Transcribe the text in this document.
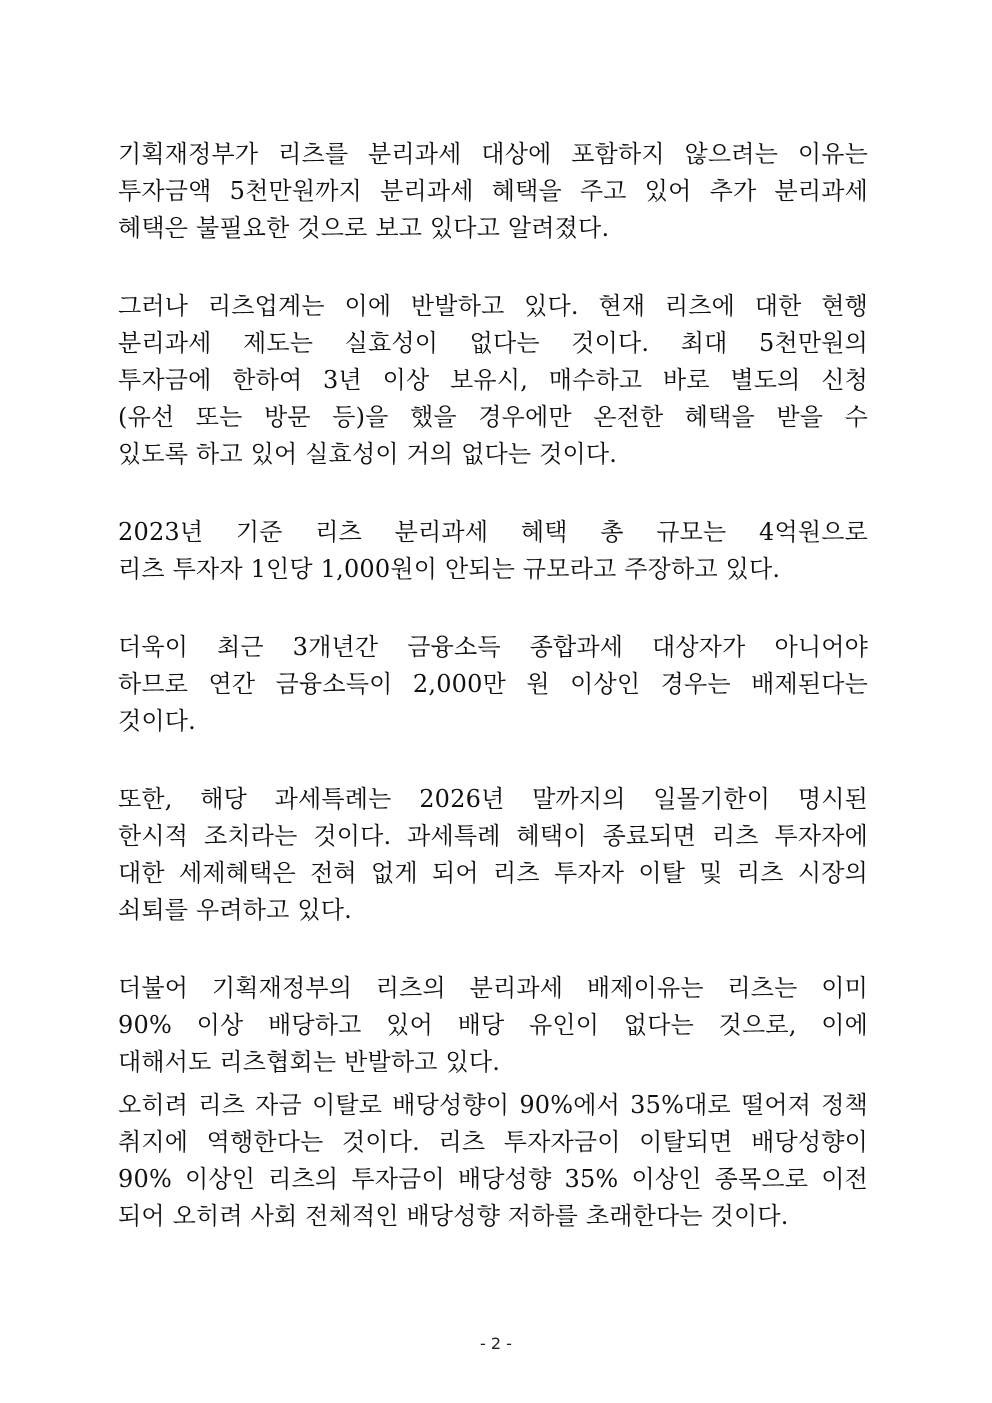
기획재정부가 리츠를 분리과세 대상에 포함하지 않으려는 이유는
투자금액 5천만원까지 분리과세 혜택을 주고 있어 추가 분리과세
혜택은 불필요한 것으로 보고 있다고 알려졌다.

그러나 리츠업계는 이에 반발하고 있다. 현재 리츠에 대한 현행
분리과세 제도는 실효성이 없다는 것이다. 최대 5천만원의
투자금에 한하여 3년 이상 보유시, 매수하고 바로 별도의 신청
(유선 또는 방문 등)을 했을 경우에만 온전한 혜택을 받을 수
있도록 하고 있어 실효성이 거의 없다는 것이다.

2023년 기준 리츠 분리과세 혜택 총 규모는 4억원으로
리츠 투자자 1인당 1,000원이 안되는 규모라고 주장하고 있다.

더욱이 최근 3개년간 금융소득 종합과세 대상자가 아니어야
하므로 연간 금융소득이 2,000만 원 이상인 경우는 배제된다는
것이다.

또한, 해당 과세특례는 2026년 말까지의 일몰기한이 명시된
한시적 조치라는 것이다. 과세특례 혜택이 종료되면 리츠 투자자에
대한 세제혜택은 전혀 없게 되어 리츠 투자자 이탈 및 리츠 시장의
쇠퇴를 우려하고 있다.

더불어 기획재정부의 리츠의 분리과세 배제이유는 리츠는 이미
90% 이상 배당하고 있어 배당 유인이 없다는 것으로, 이에
대해서도 리츠협회는 반발하고 있다.

오히려 리츠 자금 이탈로 배당성향이 90%에서 35%대로 떨어져 정책
취지에 역행한다는 것이다. 리츠 투자자금이 이탈되면 배당성향이
90% 이상인 리츠의 투자금이 배당성향 35% 이상인 종목으로 이전
되어 오히려 사회 전체적인 배당성향 저하를 초래한다는 것이다.

- 2 -
